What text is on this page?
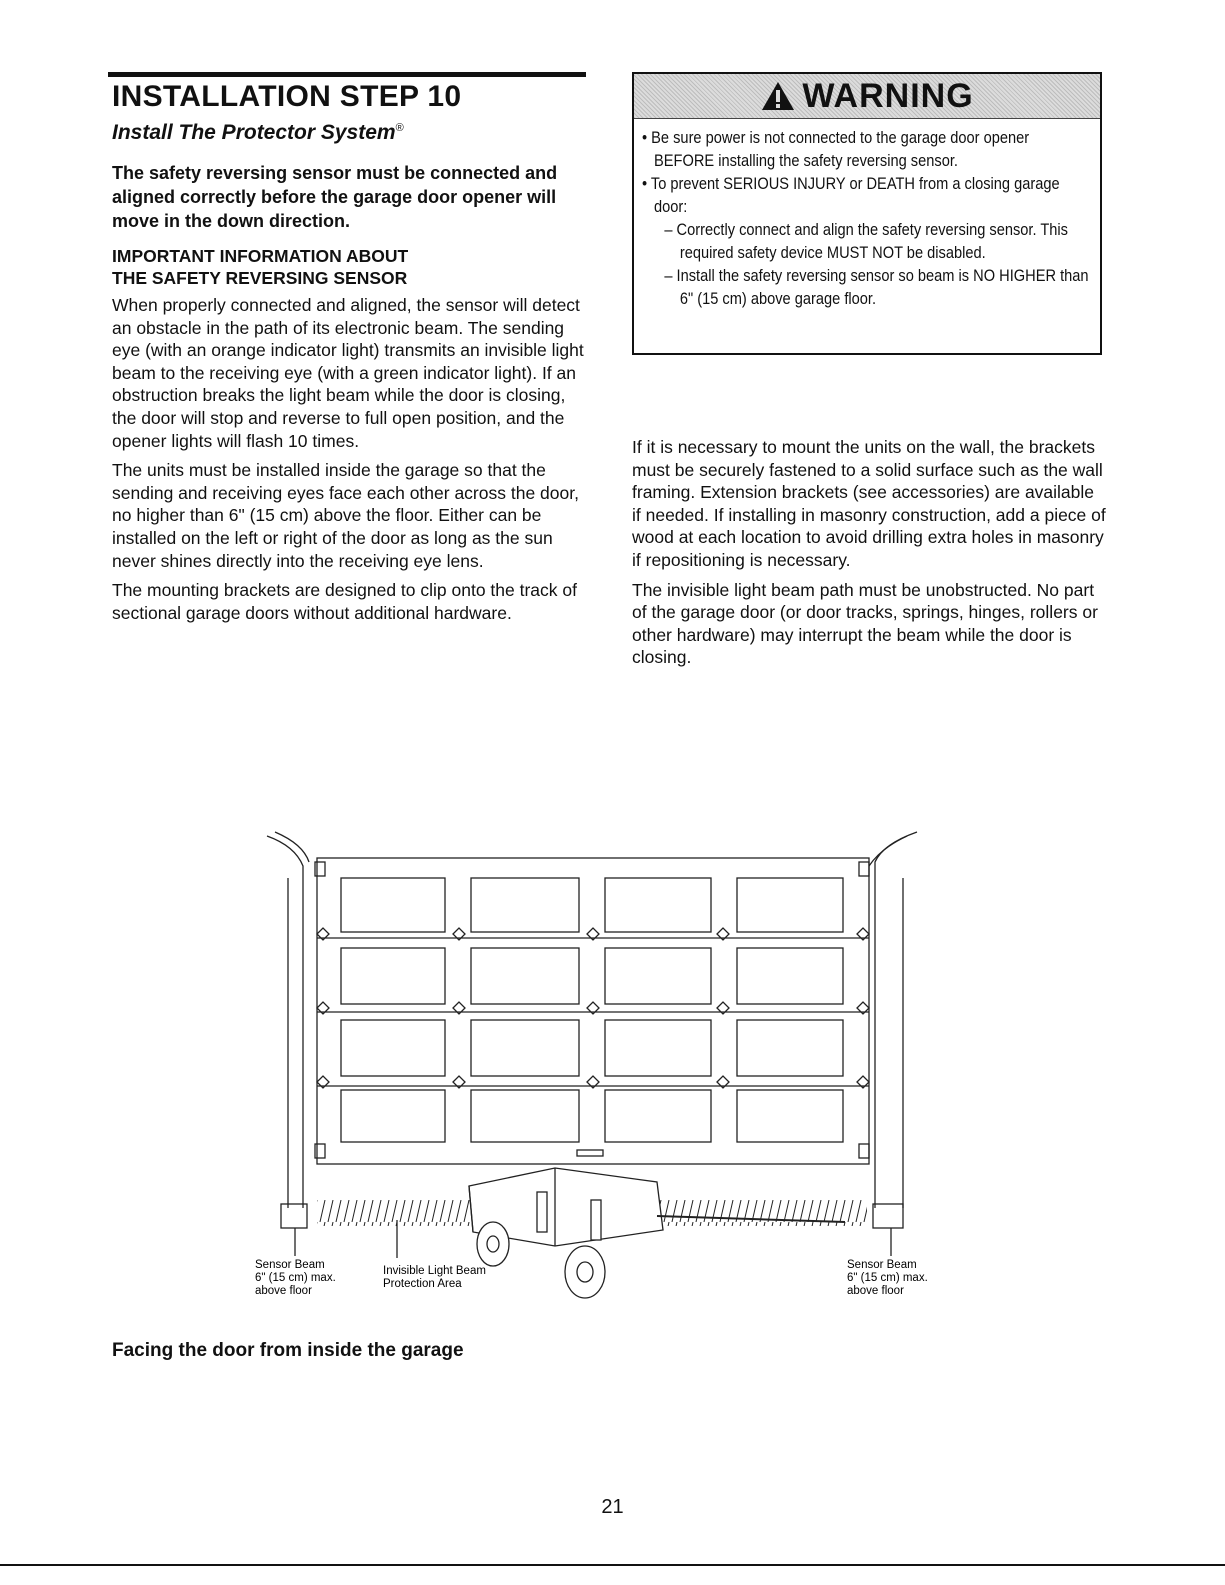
INSTALLATION STEP 10
Install The Protector System®
The safety reversing sensor must be connected and aligned correctly before the garage door opener will move in the down direction.
IMPORTANT INFORMATION ABOUT
THE SAFETY REVERSING SENSOR

When properly connected and aligned, the sensor will detect an obstacle in the path of its electronic beam. The sending eye (with an orange indicator light) transmits an invisible light beam to the receiving eye (with a green indicator light). If an obstruction breaks the light beam while the door is closing, the door will stop and reverse to full open position, and the opener lights will flash 10 times.

The units must be installed inside the garage so that the sending and receiving eyes face each other across the door, no higher than 6" (15 cm) above the floor. Either can be installed on the left or right of the door as long as the sun never shines directly into the receiving eye lens.

The mounting brackets are designed to clip onto the track of sectional garage doors without additional hardware.

WARNING

• Be sure power is not connected to the garage door opener BEFORE installing the safety reversing sensor.

• To prevent SERIOUS INJURY or DEATH from a closing garage door:

– Correctly connect and align the safety reversing sensor. This required safety device MUST NOT be disabled.

– Install the safety reversing sensor so beam is NO HIGHER than 6" (15 cm) above garage floor.

If it is necessary to mount the units on the wall, the brackets must be securely fastened to a solid surface such as the wall framing. Extension brackets (see accessories) are available if needed. If installing in masonry construction, add a piece of wood at each location to avoid drilling extra holes in masonry if repositioning is necessary.

The invisible light beam path must be unobstructed. No part of the garage door (or door tracks, springs, hinges, rollers or other hardware) may interrupt the beam while the door is closing.

Sensor Beam
6" (15 cm) max.
above floor
Invisible Light Beam
Protection Area
Sensor Beam
6" (15 cm) max.
above floor
Facing the door from inside the garage
21
